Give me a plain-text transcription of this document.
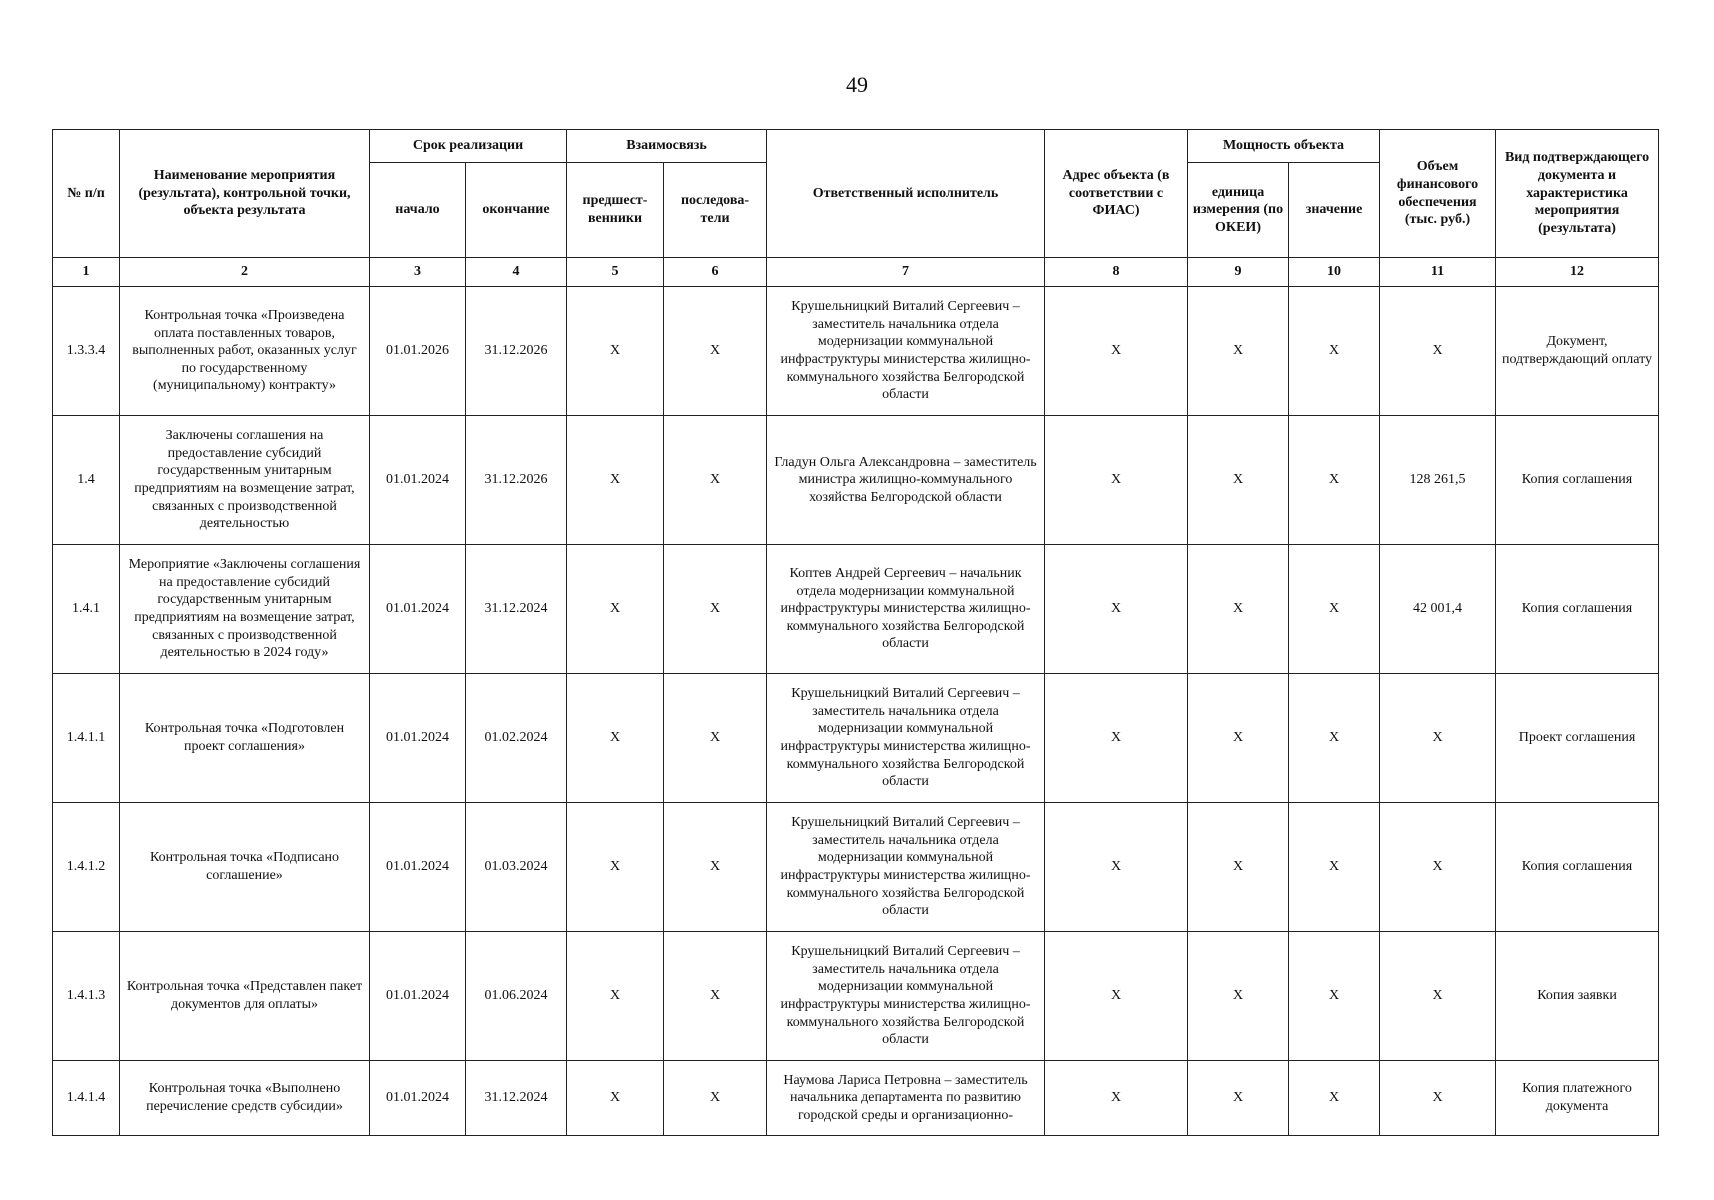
49
№ п/п	Наименование мероприятия (результата), контрольной точки, объекта результата	Срок реализации		Взаимосвязь		Ответственный исполнитель	Адрес объекта (в соответствии с ФИАС)	Мощность объекта		Объем финансового обеспечения (тыс. руб.)	Вид подтверждающего документа и характеристика мероприятия (результата)
		начало	окончание	предшест-венники	последова-тели			единица измерения (по ОКЕИ)	значение		
1	2	3	4	5	6	7	8	9	10	11	12
1.3.3.4	Контрольная точка «Произведена оплата поставленных товаров, выполненных работ, оказанных услуг по государственному (муниципальному) контракту»	01.01.2026	31.12.2026	X	X	Крушельницкий Виталий Сергеевич – заместитель начальника отдела модернизации коммунальной инфраструктуры министерства жилищно-коммунального хозяйства Белгородской области	X	X	X	X	Документ, подтверждающий оплату
1.4	Заключены соглашения на предоставление субсидий государственным унитарным предприятиям на возмещение затрат, связанных с производственной деятельностью	01.01.2024	31.12.2026	X	X	Гладун Ольга Александровна – заместитель министра жилищно-коммунального хозяйства Белгородской области	X	X	X	128 261,5	Копия соглашения
1.4.1	Мероприятие «Заключены соглашения на предоставление субсидий государственным унитарным предприятиям на возмещение затрат, связанных с производственной деятельностью в 2024 году»	01.01.2024	31.12.2024	X	X	Коптев Андрей Сергеевич – начальник отдела модернизации коммунальной инфраструктуры министерства жилищно-коммунального хозяйства Белгородской области	X	X	X	42 001,4	Копия соглашения
1.4.1.1	Контрольная точка «Подготовлен проект соглашения»	01.01.2024	01.02.2024	X	X	Крушельницкий Виталий Сергеевич – заместитель начальника отдела модернизации коммунальной инфраструктуры министерства жилищно-коммунального хозяйства Белгородской области	X	X	X	X	Проект соглашения
1.4.1.2	Контрольная точка «Подписано соглашение»	01.01.2024	01.03.2024	X	X	Крушельницкий Виталий Сергеевич – заместитель начальника отдела модернизации коммунальной инфраструктуры министерства жилищно-коммунального хозяйства Белгородской области	X	X	X	X	Копия соглашения
1.4.1.3	Контрольная точка «Представлен пакет документов для оплаты»	01.01.2024	01.06.2024	X	X	Крушельницкий Виталий Сергеевич – заместитель начальника отдела модернизации коммунальной инфраструктуры министерства жилищно-коммунального хозяйства Белгородской области	X	X	X	X	Копия заявки
1.4.1.4	Контрольная точка «Выполнено перечисление средств субсидии»	01.01.2024	31.12.2024	X	X	Наумова Лариса Петровна – заместитель начальника департамента по развитию городской среды и организационно-	X	X	X	X	Копия платежного документа
